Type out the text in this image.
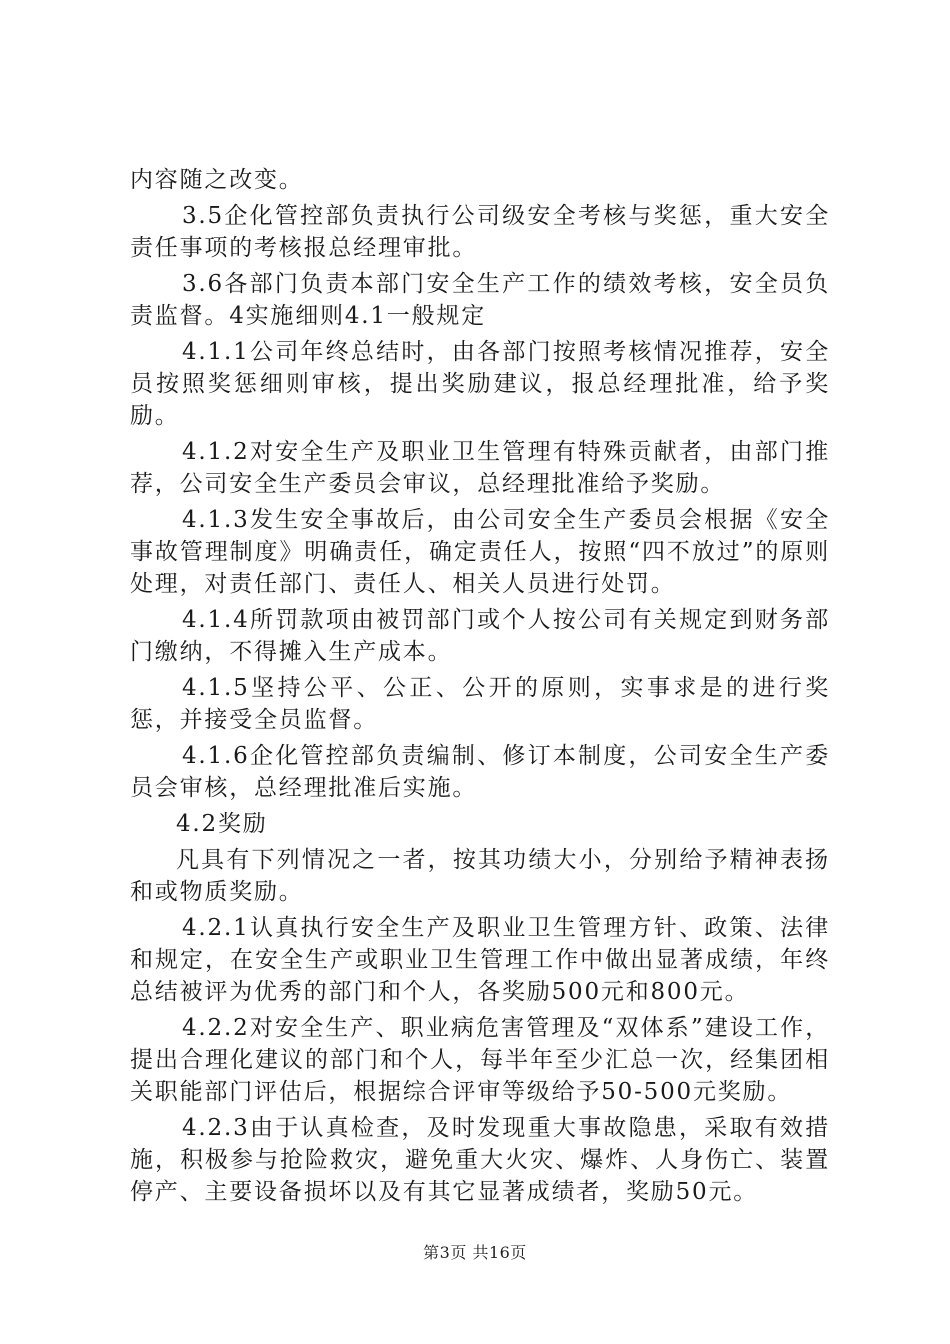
内容随之改变。

3.5企化管控部负责执行公司级安全考核与奖惩，重大安全责任事项的考核报总经理审批。

3.6各部门负责本部门安全生产工作的绩效考核，安全员负责监督。4实施细则4.1一般规定

4.1.1公司年终总结时，由各部门按照考核情况推荐，安全员按照奖惩细则审核，提出奖励建议，报总经理批准，给予奖励。

4.1.2对安全生产及职业卫生管理有特殊贡献者，由部门推荐，公司安全生产委员会审议，总经理批准给予奖励。

4.1.3发生安全事故后，由公司安全生产委员会根据《安全事故管理制度》明确责任，确定责任人，按照“四不放过”的原则处理，对责任部门、责任人、相关人员进行处罚。

4.1.4所罚款项由被罚部门或个人按公司有关规定到财务部门缴纳，不得摊入生产成本。

4.1.5坚持公平、公正、公开的原则，实事求是的进行奖惩，并接受全员监督。

4.1.6企化管控部负责编制、修订本制度，公司安全生产委员会审核，总经理批准后实施。

4.2奖励

凡具有下列情况之一者，按其功绩大小，分别给予精神表扬和或物质奖励。

4.2.1认真执行安全生产及职业卫生管理方针、政策、法律和规定，在安全生产或职业卫生管理工作中做出显著成绩，年终总结被评为优秀的部门和个人，各奖励500元和800元。

4.2.2对安全生产、职业病危害管理及“双体系”建设工作，提出合理化建议的部门和个人，每半年至少汇总一次，经集团相关职能部门评估后，根据综合评审等级给予50-500元奖励。

4.2.3由于认真检查，及时发现重大事故隐患，采取有效措施，积极参与抢险救灾，避免重大火灾、爆炸、人身伤亡、装置停产、主要设备损坏以及有其它显著成绩者，奖励50元。

第3页 共16页
